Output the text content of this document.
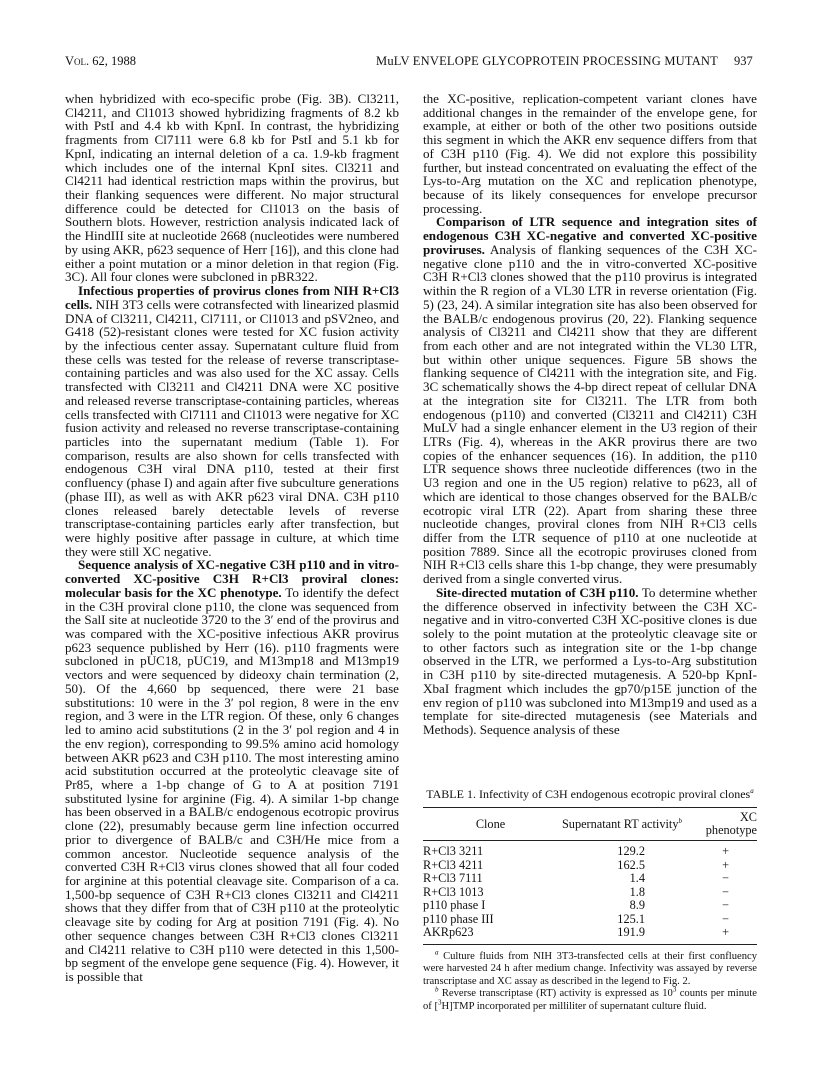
Vol. 62, 1988	MuLV ENVELOPE GLYCOPROTEIN PROCESSING MUTANT 937

when hybridized with eco-specific probe (Fig. 3B). Cl3211, Cl4211, and Cl1013 showed hybridizing fragments of 8.2 kb with PstI and 4.4 kb with KpnI. In contrast, the hybridizing fragments from Cl7111 were 6.8 kb for PstI and 5.1 kb for KpnI, indicating an internal deletion of a ca. 1.9-kb fragment which includes one of the internal KpnI sites. Cl3211 and Cl4211 had identical restriction maps within the provirus, but their flanking sequences were different. No major structural difference could be detected for Cl1013 on the basis of Southern blots. However, restriction analysis indicated lack of the HindIII site at nucleotide 2668 (nucleotides were numbered by using AKR, p623 sequence of Herr [16]), and this clone had either a point mutation or a minor deletion in that region (Fig. 3C). All four clones were subcloned in pBR322.

Infectious properties of provirus clones from NIH R+Cl3 cells. NIH 3T3 cells were cotransfected with linearized plasmid DNA of Cl3211, Cl4211, Cl7111, or Cl1013 and pSV2neo, and G418 (52)-resistant clones were tested for XC fusion activity by the infectious center assay. Supernatant culture fluid from these cells was tested for the release of reverse transcriptase-containing particles and was also used for the XC assay. Cells transfected with Cl3211 and Cl4211 DNA were XC positive and released reverse transcriptase-containing particles, whereas cells transfected with Cl7111 and Cl1013 were negative for XC fusion activity and released no reverse transcriptase-containing particles into the supernatant medium (Table 1). For comparison, results are also shown for cells transfected with endogenous C3H viral DNA p110, tested at their first confluency (phase I) and again after five subculture generations (phase III), as well as with AKR p623 viral DNA. C3H p110 clones released barely detectable levels of reverse transcriptase-containing particles early after transfection, but were highly positive after passage in culture, at which time they were still XC negative.

Sequence analysis of XC-negative C3H p110 and in vitro-converted XC-positive C3H R+Cl3 proviral clones: molecular basis for the XC phenotype. To identify the defect in the C3H proviral clone p110, the clone was sequenced from the SalI site at nucleotide 3720 to the 3′ end of the provirus and was compared with the XC-positive infectious AKR provirus p623 sequence published by Herr (16). p110 fragments were subcloned in pUC18, pUC19, and M13mp18 and M13mp19 vectors and were sequenced by dideoxy chain termination (2, 50). Of the 4,660 bp sequenced, there were 21 base substitutions: 10 were in the 3′ pol region, 8 were in the env region, and 3 were in the LTR region. Of these, only 6 changes led to amino acid substitutions (2 in the 3′ pol region and 4 in the env region), corresponding to 99.5% amino acid homology between AKR p623 and C3H p110. The most interesting amino acid substitution occurred at the proteolytic cleavage site of Pr85, where a 1-bp change of G to A at position 7191 substituted lysine for arginine (Fig. 4). A similar 1-bp change has been observed in a BALB/c endogenous ecotropic provirus clone (22), presumably because germ line infection occurred prior to divergence of BALB/c and C3H/He mice from a common ancestor. Nucleotide sequence analysis of the converted C3H R+Cl3 virus clones showed that all four coded for arginine at this potential cleavage site. Comparison of a ca. 1,500-bp sequence of C3H R+Cl3 clones Cl3211 and Cl4211 shows that they differ from that of C3H p110 at the proteolytic cleavage site by coding for Arg at position 7191 (Fig. 4). No other sequence changes between C3H R+Cl3 clones Cl3211 and Cl4211 relative to C3H p110 were detected in this 1,500-bp segment of the envelope gene sequence (Fig. 4). However, it is possible that

the XC-positive, replication-competent variant clones have additional changes in the remainder of the envelope gene, for example, at either or both of the other two positions outside this segment in which the AKR env sequence differs from that of C3H p110 (Fig. 4). We did not explore this possibility further, but instead concentrated on evaluating the effect of the Lys-to-Arg mutation on the XC and replication phenotype, because of its likely consequences for envelope precursor processing.

Comparison of LTR sequence and integration sites of endogenous C3H XC-negative and converted XC-positive proviruses. Analysis of flanking sequences of the C3H XC-negative clone p110 and the in vitro-converted XC-positive C3H R+Cl3 clones showed that the p110 provirus is integrated within the R region of a VL30 LTR in reverse orientation (Fig. 5) (23, 24). A similar integration site has also been observed for the BALB/c endogenous provirus (20, 22). Flanking sequence analysis of Cl3211 and Cl4211 show that they are different from each other and are not integrated within the VL30 LTR, but within other unique sequences. Figure 5B shows the flanking sequence of Cl4211 with the integration site, and Fig. 3C schematically shows the 4-bp direct repeat of cellular DNA at the integration site for Cl3211. The LTR from both endogenous (p110) and converted (Cl3211 and Cl4211) C3H MuLV had a single enhancer element in the U3 region of their LTRs (Fig. 4), whereas in the AKR provirus there are two copies of the enhancer sequences (16). In addition, the p110 LTR sequence shows three nucleotide differences (two in the U3 region and one in the U5 region) relative to p623, all of which are identical to those changes observed for the BALB/c ecotropic viral LTR (22). Apart from sharing these three nucleotide changes, proviral clones from NIH R+Cl3 cells differ from the LTR sequence of p110 at one nucleotide at position 7889. Since all the ecotropic proviruses cloned from NIH R+Cl3 cells share this 1-bp change, they were presumably derived from a single converted virus.

Site-directed mutation of C3H p110. To determine whether the difference observed in infectivity between the C3H XC-negative and in vitro-converted C3H XC-positive clones is due solely to the point mutation at the proteolytic cleavage site or to other factors such as integration site or the 1-bp change observed in the LTR, we performed a Lys-to-Arg substitution in C3H p110 by site-directed mutagenesis. A 520-bp KpnI-XbaI fragment which includes the gp70/p15E junction of the env region of p110 was subcloned into M13mp19 and used as a template for site-directed mutagenesis (see Materials and Methods). Sequence analysis of these

TABLE 1. Infectivity of C3H endogenous ecotropic proviral clones$^a$
Clone	Supernatant RT activity$^b$	XC phenotype
R+Cl3 3211	129.2	+
R+Cl3 4211	162.5	+
R+Cl3 7111	1.4	−
R+Cl3 1013	1.8	−
p110 phase I	8.9	−
p110 phase III	125.1	−
AKRp623	191.9	+

$^a$ Culture fluids from NIH 3T3-transfected cells at their first confluency were harvested 24 h after medium change. Infectivity was assayed by reverse transcriptase and XC assay as described in the legend to Fig. 2.

$^b$ Reverse transcriptase (RT) activity is expressed as $10^3$ counts per minute of [$^3$H]TMP incorporated per milliliter of supernatant culture fluid.
